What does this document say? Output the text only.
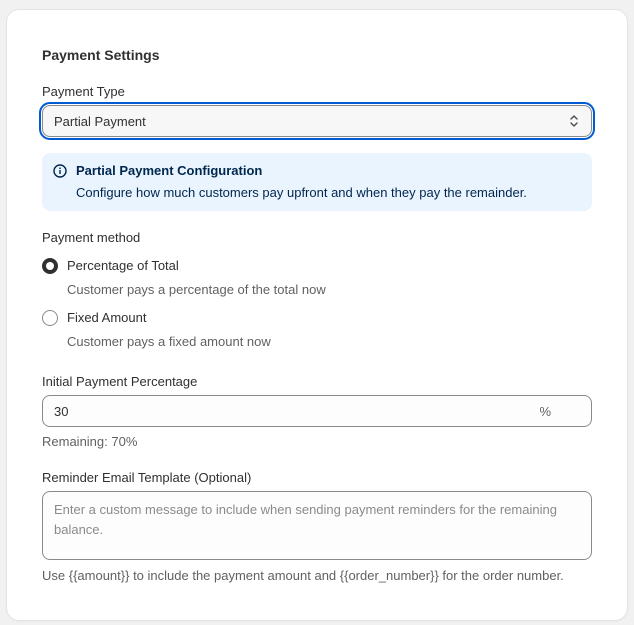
Payment Settings
Payment Type
Partial Payment
Partial Payment Configuration
Configure how much customers pay upfront and when they pay the remainder.
Payment method
Percentage of Total
Customer pays a percentage of the total now
Fixed Amount
Customer pays a fixed amount now
Initial Payment Percentage
30	%
Remaining: 70%
Reminder Email Template (Optional)
Enter a custom message to include when sending payment reminders for the remaining balance.
Use {{amount}} to include the payment amount and {{order_number}} for the order number.
